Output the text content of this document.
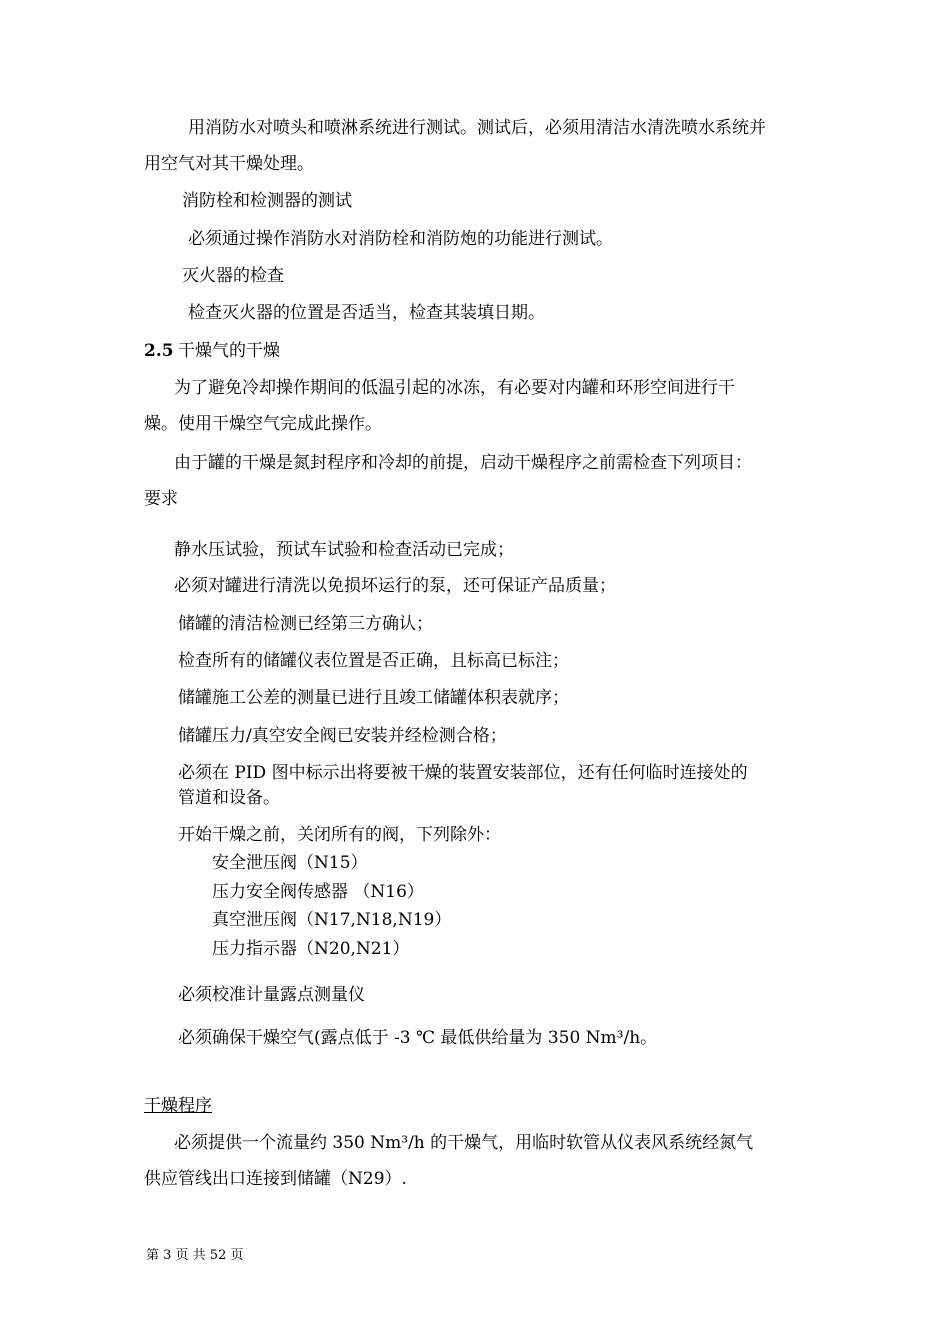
用消防水对喷头和喷淋系统进行测试。测试后，必须用清洁水清洗喷水系统并
用空气对其干燥处理。
消防栓和检测器的测试
必须通过操作消防水对消防栓和消防炮的功能进行测试。
灭火器的检查
检查灭火器的位置是否适当，检查其装填日期。
2.5 干燥气的干燥
为了避免冷却操作期间的低温引起的冰冻，有必要对内罐和环形空间进行干
燥。使用干燥空气完成此操作。
由于罐的干燥是氮封程序和冷却的前提，启动干燥程序之前需检查下列项目：
要求
静水压试验，预试车试验和检查活动已完成；
必须对罐进行清洗以免损坏运行的泵，还可保证产品质量；
储罐的清洁检测已经第三方确认；
检查所有的储罐仪表位置是否正确，且标高已标注；
储罐施工公差的测量已进行且竣工储罐体积表就序；
储罐压力/真空安全阀已安装并经检测合格；
必须在 PID 图中标示出将要被干燥的装置安装部位，还有任何临时连接处的
管道和设备。
开始干燥之前，关闭所有的阀，下列除外：
安全泄压阀（N15）
压力安全阀传感器 （N16）
真空泄压阀（N17,N18,N19）
压力指示器（N20,N21）
必须校准计量露点测量仪
必须确保干燥空气(露点低于 -3 ℃ 最低供给量为 350 Nm³/h。
干燥程序
必须提供一个流量约 350 Nm³/h 的干燥气，用临时软管从仪表风系统经氮气
供应管线出口连接到储罐（N29）.
第 3 页 共 52 页
